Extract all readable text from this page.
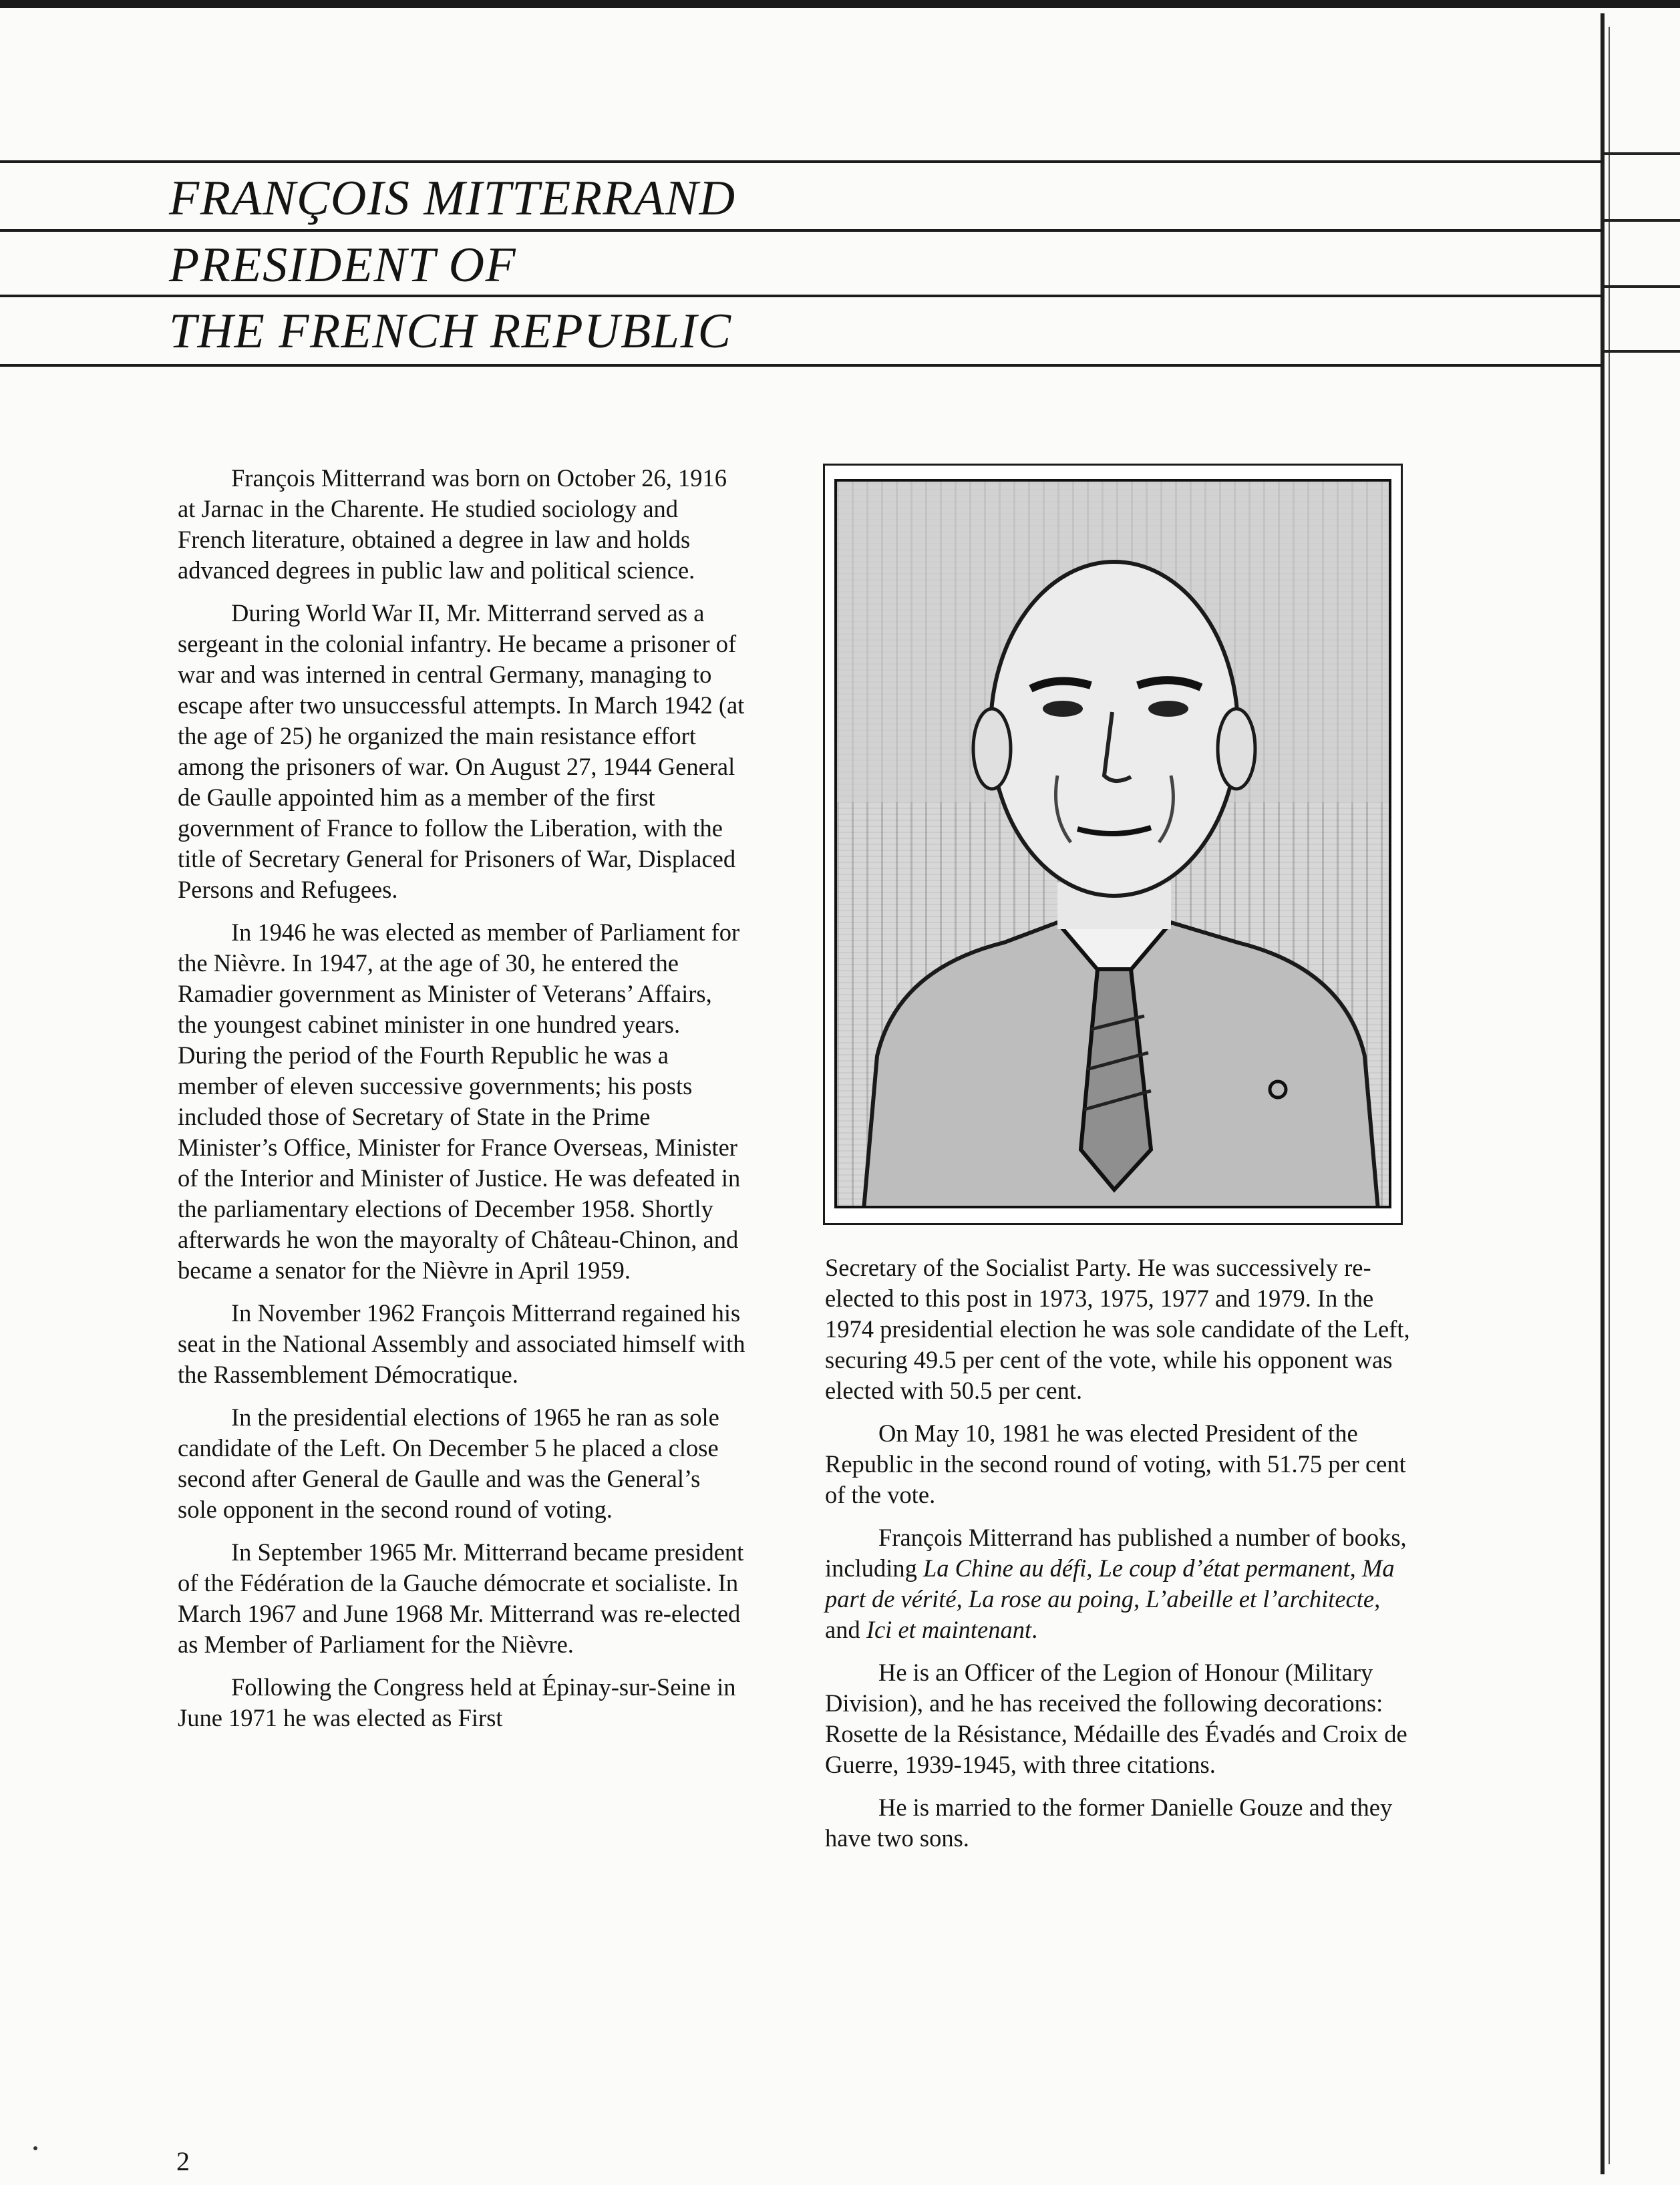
FRANÇOIS MITTERRAND
PRESIDENT OF
THE FRENCH REPUBLIC

François Mitterrand was born on October 26, 1916 at Jarnac in the Charente. He studied sociology and French literature, obtained a degree in law and holds advanced degrees in public law and political science.

During World War II, Mr. Mitterrand served as a sergeant in the colonial infantry. He became a prisoner of war and was interned in central Germany, managing to escape after two unsuccessful attempts. In March 1942 (at the age of 25) he organized the main resistance effort among the prisoners of war. On August 27, 1944 General de Gaulle appointed him as a member of the first government of France to follow the Liberation, with the title of Secretary General for Prisoners of War, Displaced Persons and Refugees.

In 1946 he was elected as member of Parliament for the Nièvre. In 1947, at the age of 30, he entered the Ramadier government as Minister of Veterans’ Affairs, the youngest cabinet minister in one hundred years. During the period of the Fourth Republic he was a member of eleven successive governments; his posts included those of Secretary of State in the Prime Minister’s Office, Minister for France Overseas, Minister of the Interior and Minister of Justice. He was defeated in the parliamentary elections of December 1958. Shortly afterwards he won the mayoralty of Château-Chinon, and became a senator for the Nièvre in April 1959.

In November 1962 François Mitterrand regained his seat in the National Assembly and associated himself with the Rassemblement Démocratique.

In the presidential elections of 1965 he ran as sole candidate of the Left. On December 5 he placed a close second after General de Gaulle and was the General’s sole opponent in the second round of voting.

In September 1965 Mr. Mitterrand became president of the Fédération de la Gauche démocrate et socialiste. In March 1967 and June 1968 Mr. Mitterrand was re-elected as Member of Parliament for the Nièvre.

Following the Congress held at Épinay-sur-Seine in June 1971 he was elected as First

Secretary of the Socialist Party. He was successively re-elected to this post in 1973, 1975, 1977 and 1979. In the 1974 presidential election he was sole candidate of the Left, securing 49.5 per cent of the vote, while his opponent was elected with 50.5 per cent.

On May 10, 1981 he was elected President of the Republic in the second round of voting, with 51.75 per cent of the vote.

François Mitterrand has published a number of books, including La Chine au défi, Le coup d’état permanent, Ma part de vérité, La rose au poing, L’abeille et l’architecte, and Ici et maintenant.

He is an Officer of the Legion of Honour (Military Division), and he has received the following decorations: Rosette de la Résistance, Médaille des Évadés and Croix de Guerre, 1939-1945, with three citations.

He is married to the former Danielle Gouze and they have two sons.

2
